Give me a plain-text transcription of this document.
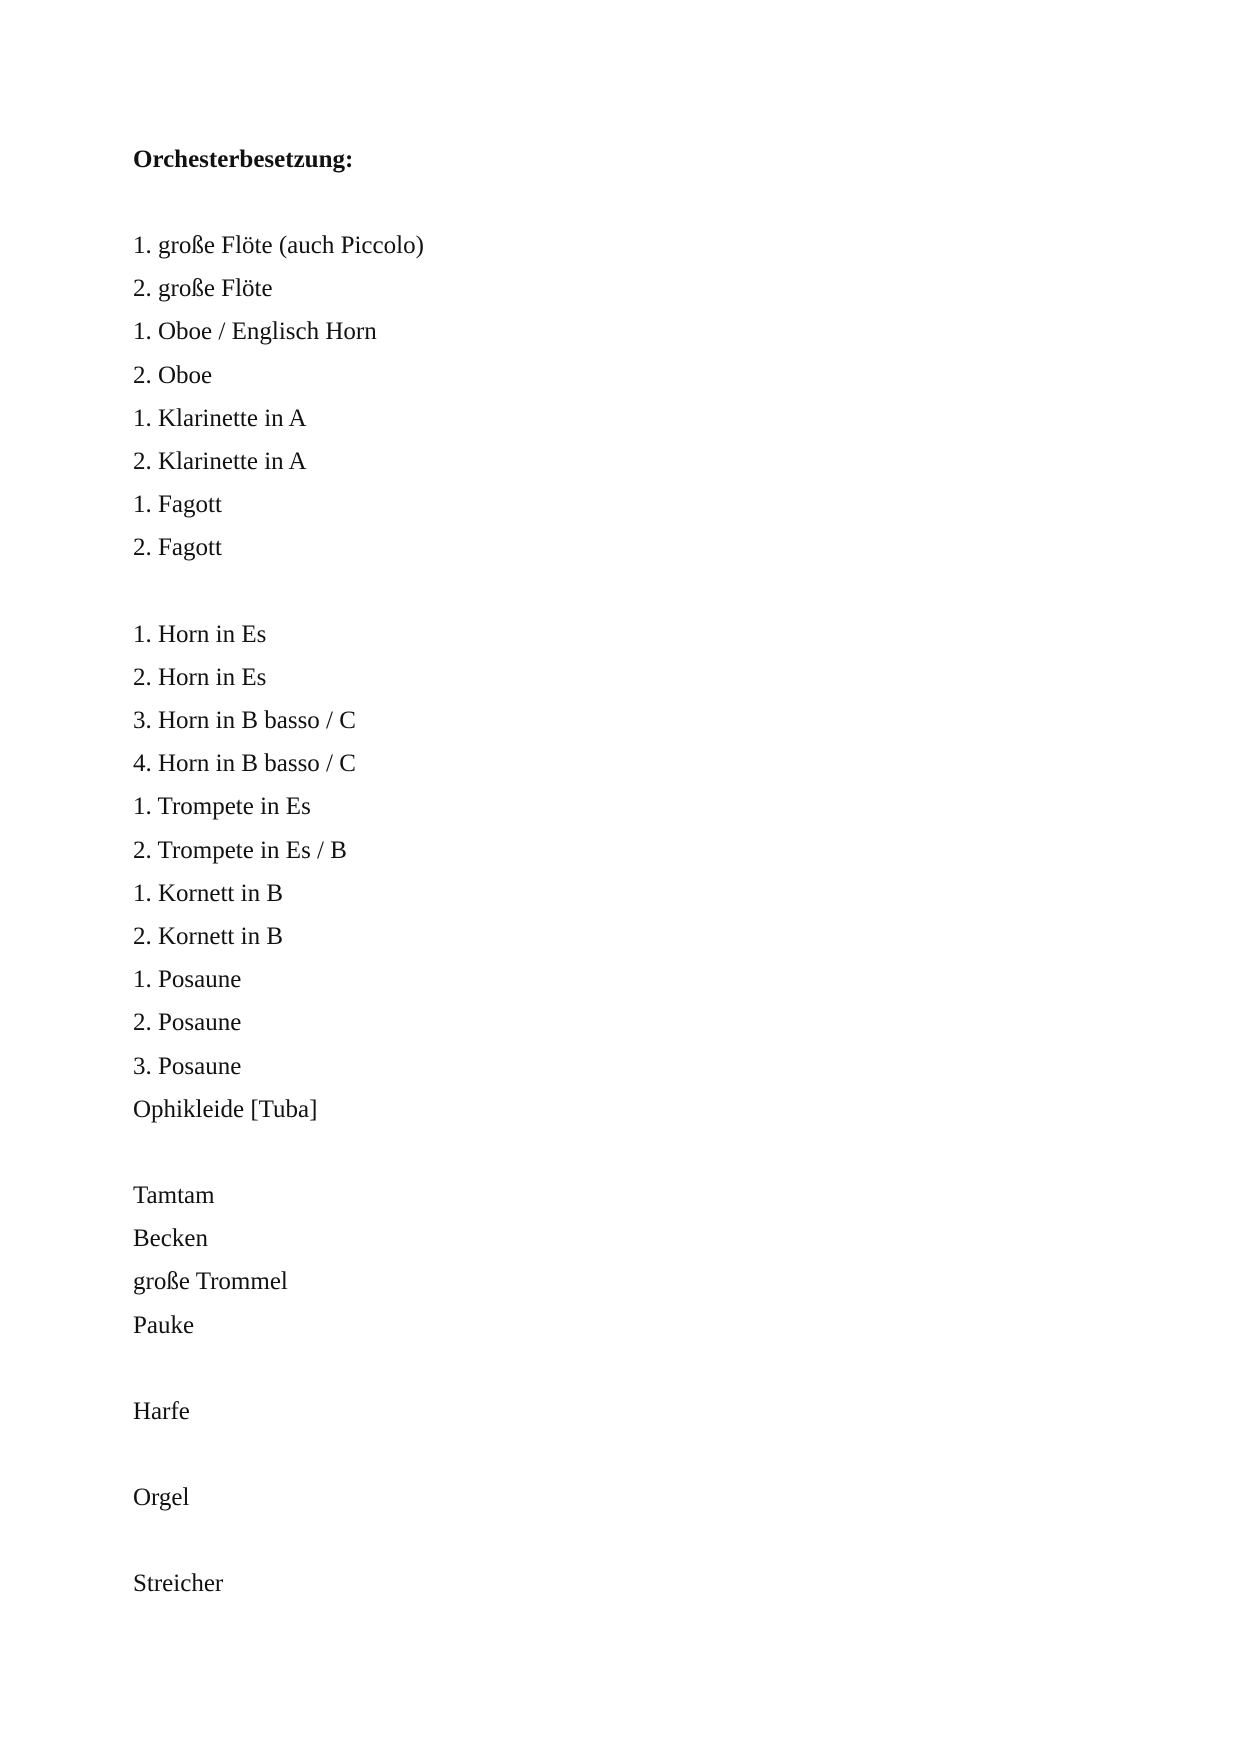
Orchesterbesetzung:
1. große Flöte (auch Piccolo)
2. große Flöte
1. Oboe / Englisch Horn
2. Oboe
1. Klarinette in A
2. Klarinette in A
1. Fagott
2. Fagott
1. Horn in Es
2. Horn in Es
3. Horn in B basso / C
4. Horn in B basso / C
1. Trompete in Es
2. Trompete in Es / B
1. Kornett in B
2. Kornett in B
1. Posaune
2. Posaune
3. Posaune
Ophikleide [Tuba]
Tamtam
Becken
große Trommel
Pauke
Harfe
Orgel
Streicher
